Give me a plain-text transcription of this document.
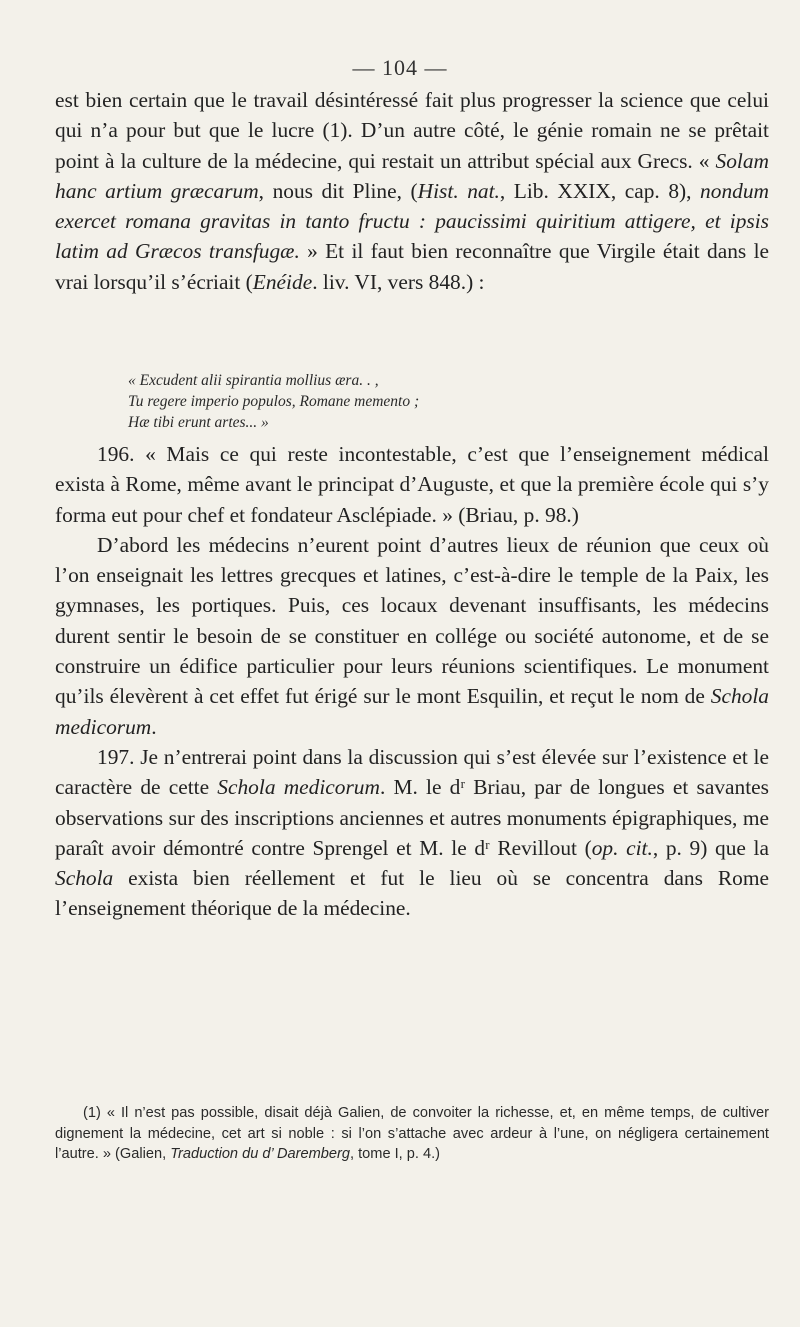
— 104 —

est bien certain que le travail désintéressé fait plus progresser la science que celui qui n’a pour but que le lucre (1). D’un autre côté, le génie romain ne se prêtait point à la culture de la médecine, qui restait un attribut spécial aux Grecs. « Solam hanc artium græcarum, nous dit Pline, (Hist. nat., Lib. XXIX, cap. 8), nondum exercet romana gravitas in tanto fructu : paucissimi quiritium attigere, et ipsis latim ad Græcos transfugæ. » Et il faut bien reconnaître que Virgile était dans le vrai lorsqu’il s’écriait (Enéide. liv. VI, vers 848.) :

« Excudent alii spirantia mollius æra. . ,
Tu regere imperio populos, Romane memento ;
Hæ tibi erunt artes... »

196. « Mais ce qui reste incontestable, c’est que l’enseignement médical exista à Rome, même avant le principat d’Auguste, et que la première école qui s’y forma eut pour chef et fondateur Asclépiade. » (Briau, p. 98.)

D’abord les médecins n’eurent point d’autres lieux de réunion que ceux où l’on enseignait les lettres grecques et latines, c’est-à-dire le temple de la Paix, les gymnases, les portiques. Puis, ces locaux devenant insuffisants, les médecins durent sentir le besoin de se constituer en collége ou société autonome, et de se construire un édifice particulier pour leurs réunions scientifiques. Le monument qu’ils élevèrent à cet effet fut érigé sur le mont Esquilin, et reçut le nom de Schola medicorum.

197. Je n’entrerai point dans la discussion qui s’est élevée sur l’existence et le caractère de cette Schola medicorum. M. le dʳ Briau, par de longues et savantes observations sur des inscriptions anciennes et autres monuments épigraphiques, me paraît avoir démontré contre Sprengel et M. le dʳ Revillout (op. cit., p. 9) que la Schola exista bien réellement et fut le lieu où se concentra dans Rome l’enseignement théorique de la médecine.

(1) « Il n’est pas possible, disait déjà Galien, de convoiter la richesse, et, en même temps, de cultiver dignement la médecine, cet art si noble : si l’on s’attache avec ardeur à l’une, on négligera certainement l’autre. » (Galien, Traduction du d’ Daremberg, tome I, p. 4.)
